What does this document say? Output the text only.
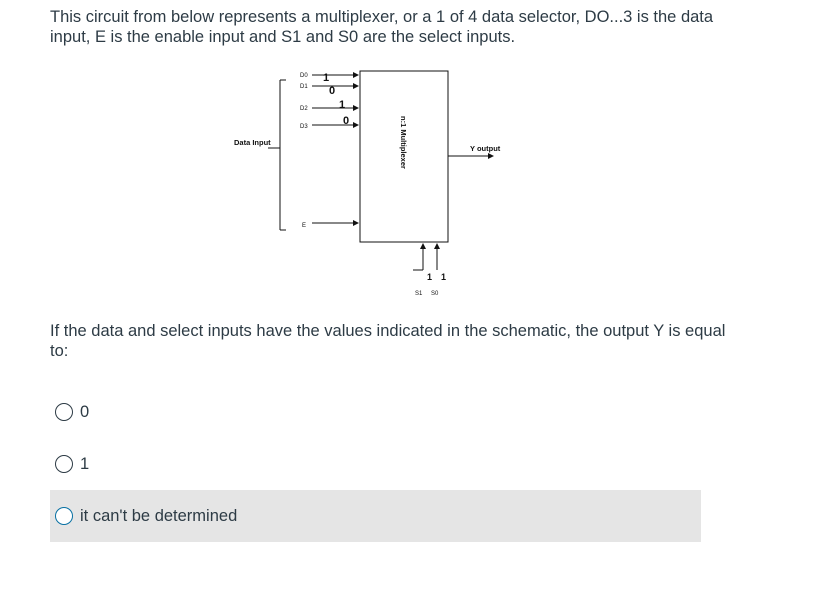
This circuit from below represents a multiplexer, or a 1 of 4 data selector, DO...3 is the data input, E is the enable input and S1 and S0 are the select inputs.

Data Input
D0
D1
D2
D3
1
0
1
0
E
n:1 Multiplexer	Y output
1 1
S1 S0

If the data and select inputs have the values indicated in the schematic, the output Y is equal to:

0
1
it can't be determined
